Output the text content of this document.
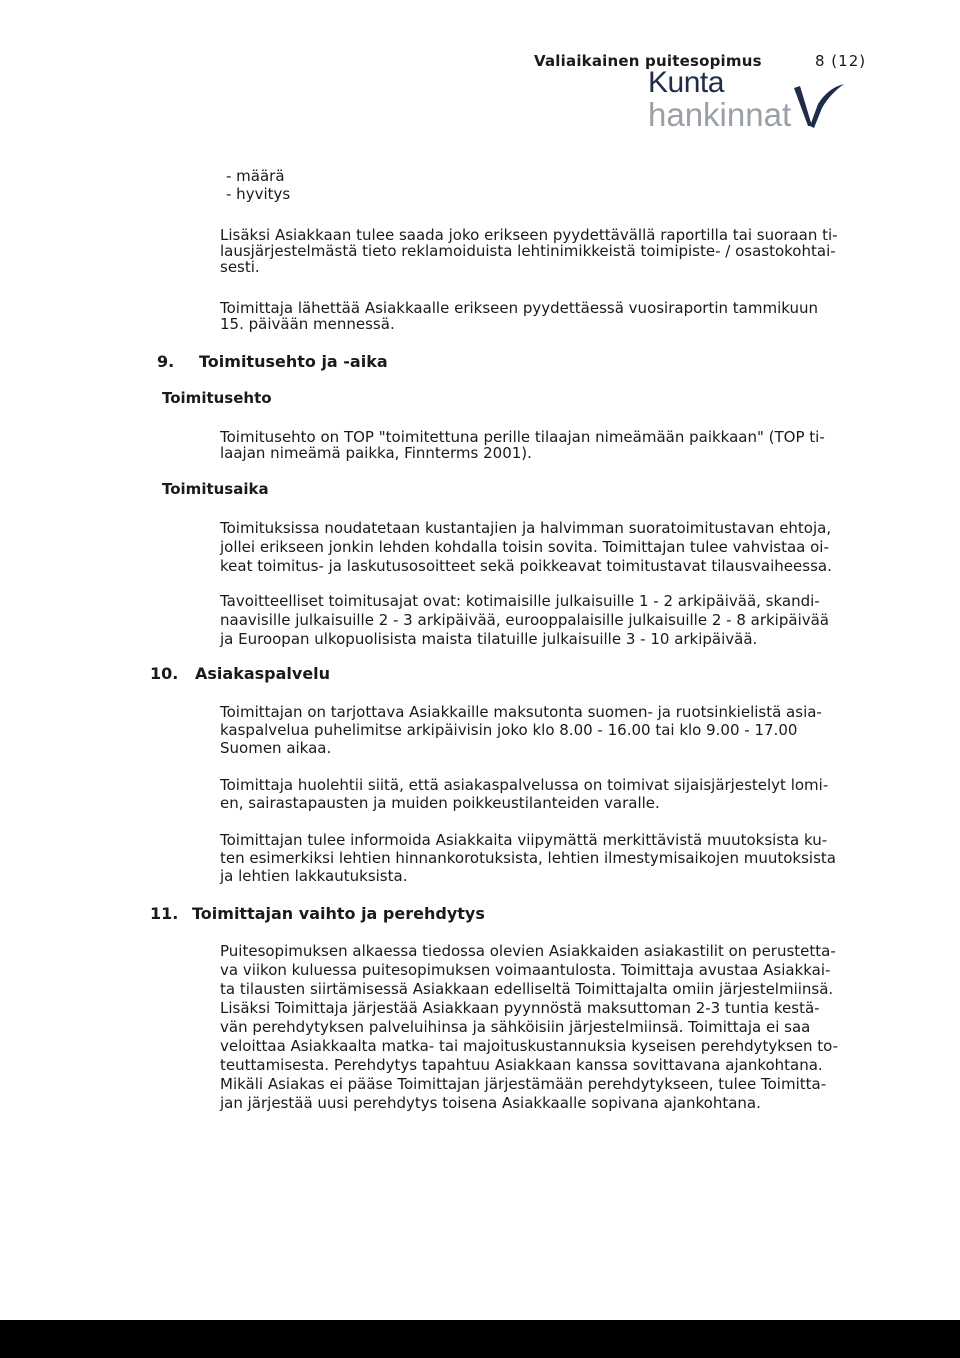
Valiaikainen puitesopimus	8 (12)
Kunta
hankinnat
- määrä
- hyvitys
Lisäksi Asiakkaan tulee saada joko erikseen pyydettävällä raportilla tai suoraan ti-
lausjärjestelmästä tieto reklamoiduista lehtinimikkeistä toimipiste- / osastokohtai-
sesti.
Toimittaja lähettää Asiakkaalle erikseen pyydettäessä vuosiraportin tammikuun
15. päivään mennessä.
9. Toimitusehto ja -aika
Toimitusehto
Toimitusehto on TOP "toimitettuna perille tilaajan nimeämään paikkaan" (TOP ti-
laajan nimeämä paikka, Finnterms 2001).
Toimitusaika
Toimituksissa noudatetaan kustantajien ja halvimman suoratoimitustavan ehtoja,
jollei erikseen jonkin lehden kohdalla toisin sovita. Toimittajan tulee vahvistaa oi-
keat toimitus- ja laskutusosoitteet sekä poikkeavat toimitustavat tilausvaiheessa.
Tavoitteelliset toimitusajat ovat: kotimaisille julkaisuille 1 - 2 arkipäivää, skandi-
naavisille julkaisuille 2 - 3 arkipäivää, eurooppalaisille julkaisuille 2 - 8 arkipäivää
ja Euroopan ulkopuolisista maista tilatuille julkaisuille 3 - 10 arkipäivää.
10. Asiakaspalvelu
Toimittajan on tarjottava Asiakkaille maksutonta suomen- ja ruotsinkielistä asia-
kaspalvelua puhelimitse arkipäivisin joko klo 8.00 - 16.00 tai klo 9.00 - 17.00
Suomen aikaa.
Toimittaja huolehtii siitä, että asiakaspalvelussa on toimivat sijaisjärjestelyt lomi-
en, sairastapausten ja muiden poikkeustilanteiden varalle.
Toimittajan tulee informoida Asiakkaita viipymättä merkittävistä muutoksista ku-
ten esimerkiksi lehtien hinnankorotuksista, lehtien ilmestymisaikojen muutoksista
ja lehtien lakkautuksista.
11. Toimittajan vaihto ja perehdytys
Puitesopimuksen alkaessa tiedossa olevien Asiakkaiden asiakastilit on perustetta-
va viikon kuluessa puitesopimuksen voimaantulosta. Toimittaja avustaa Asiakkai-
ta tilausten siirtämisessä Asiakkaan edelliseltä Toimittajalta omiin järjestelmiinsä.
Lisäksi Toimittaja järjestää Asiakkaan pyynnöstä maksuttoman 2-3 tuntia kestä-
vän perehdytyksen palveluihinsa ja sähköisiin järjestelmiinsä. Toimittaja ei saa
veloittaa Asiakkaalta matka- tai majoituskustannuksia kyseisen perehdytyksen to-
teuttamisesta. Perehdytys tapahtuu Asiakkaan kanssa sovittavana ajankohtana.
Mikäli Asiakas ei pääse Toimittajan järjestämään perehdytykseen, tulee Toimitta-
jan järjestää uusi perehdytys toisena Asiakkaalle sopivana ajankohtana.
